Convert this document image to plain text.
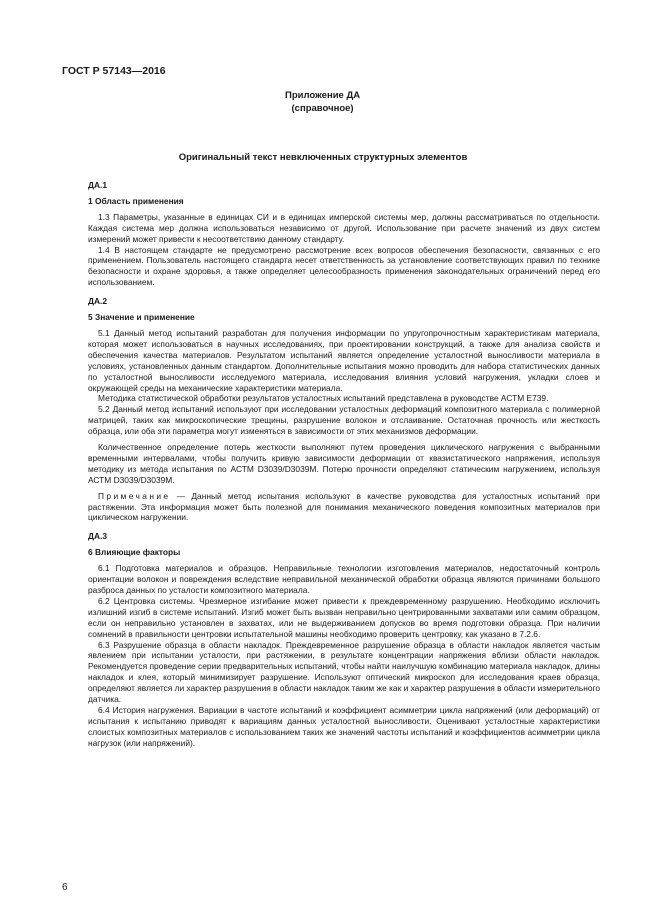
ГОСТ Р 57143—2016
Приложение ДА
(справочное)
Оригинальный текст невключенных структурных элементов

ДА.1

1 Область применения

1.3 Параметры, указанные в единицах СИ и в единицах имперской системы мер, должны рассматриваться по отдельности. Каждая система мер должна использоваться независимо от другой. Использование при расчете значений из двух систем измерений может привести к несоответствию данному стандарту.

1.4 В настоящем стандарте не предусмотрено рассмотрение всех вопросов обеспечения безопасности, связанных с его применением. Пользователь настоящего стандарта несет ответственность за установление соответствующих правил по технике безопасности и охране здоровья, а также определяет целесообразность применения законодательных ограничений перед его использованием.

ДА.2

5 Значение и применение

5.1 Данный метод испытаний разработан для получения информации по упругопрочностным характеристикам материала, которая может использоваться в научных исследованиях, при проектировании конструкций, а также для анализа свойств и обеспечения качества материалов. Результатом испытаний является определение усталостной выносливости материала в условиях, установленных данным стандартом. Дополнительные испытания можно проводить для набора статистических данных по усталостной выносливости исследуемого материала, исследования влияния условий нагружения, укладки слоев и окружающей среды на механические характеристики материала.

Методика статистической обработки результатов усталостных испытаний представлена в руководстве АСТМ Е739.

5.2 Данный метод испытаний используют при исследовании усталостных деформаций композитного материала с полимерной матрицей, таких как микроскопические трещины, разрушение волокон и отслаивание. Остаточная прочность или жесткость образца, или оба эти параметра могут изменяться в зависимости от этих механизмов деформации.

Количественное определение потерь жесткости выполняют путем проведения циклического нагружения с выбранными временными интервалами, чтобы получить кривую зависимости деформации от квазистатического напряжения, используя методику из метода испытания по АСТМ D3039/D3039M. Потерю прочности определяют статическим нагружением, используя АСТМ D3039/D3039M.

Примечание — Данный метод испытания используют в качестве руководства для усталостных испытаний при растяжении. Эта информация может быть полезной для понимания механического поведения композитных материалов при циклическом нагружении.

ДА.3

6 Влияющие факторы

6.1 Подготовка материалов и образцов. Неправильные технологии изготовления материалов, недостаточный контроль ориентации волокон и повреждения вследствие неправильной механической обработки образца являются причинами большого разброса данных по усталости композитного материала.

6.2 Центровка системы. Чрезмерное изгибание может привести к преждевременному разрушению. Необходимо исключить излишний изгиб в системе испытаний. Изгиб может быть вызван неправильно центрированными захватами или самим образцом, если он неправильно установлен в захватах, или не выдерживанием допусков во время подготовки образца. При наличии сомнений в правильности центровки испытательной машины необходимо проверить центровку, как указано в 7.2.6.

6.3 Разрушение образца в области накладок. Преждевременное разрушение образца в области накладок является частым явлением при испытании усталости, при растяжении, в результате концентрации напряжения вблизи области накладок. Рекомендуется проведение серии предварительных испытаний, чтобы найти наилучшую комбинацию материала накладок, длины накладок и клея, который минимизирует разрушение. Используют оптический микроскоп для исследования краев образца, определяют является ли характер разрушения в области накладок таким же как и характер разрушения в области измерительного датчика.

6.4 История нагружения. Вариации в частоте испытаний и коэффициент асимметрии цикла напряжений (или деформаций) от испытания к испытанию приводят к вариациям данных усталостной выносливости. Оценивают усталостные характеристики слоистых композитных материалов с использованием таких же значений частоты испытаний и коэффициентов асимметрии цикла нагрузок (или напряжений).

6
